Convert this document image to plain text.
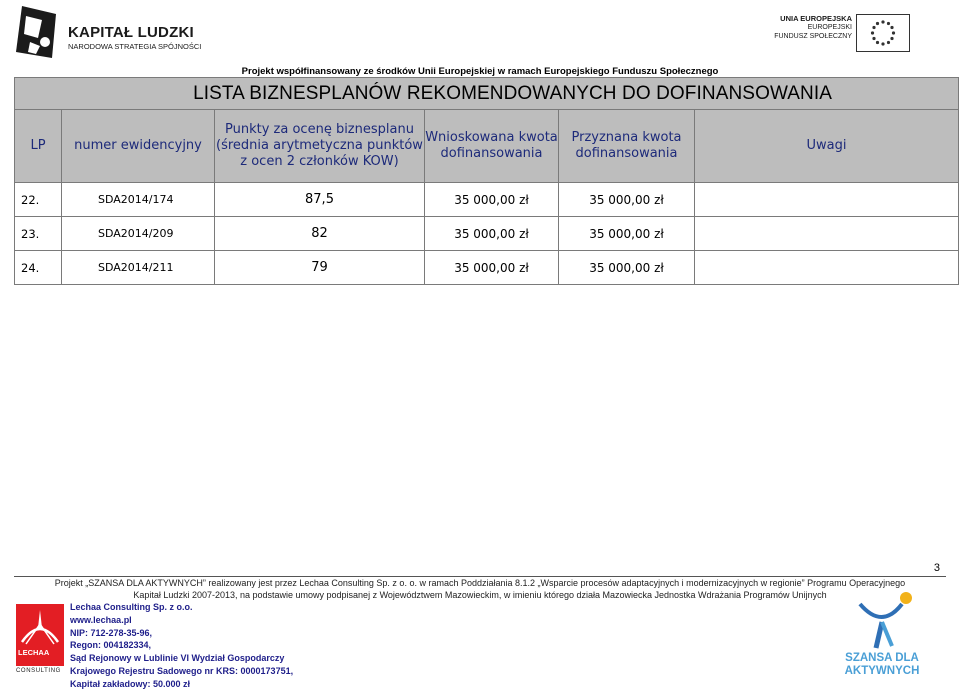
KAPITAŁ LUDZKI
NARODOWA STRATEGIA SPÓJNOŚCI
UNIA EUROPEJSKA
EUROPEJSKI
FUNDUSZ SPOŁECZNY
Projekt współfinansowany ze środków Unii Europejskiej w ramach Europejskiego Funduszu Społecznego
LISTA BIZNESPLANÓW REKOMENDOWANYCH DO DOFINANSOWANIA					
LP	numer ewidencyjny	Punkty za ocenę biznesplanu (średnia arytmetyczna punktów z ocen 2 członków KOW)	Wnioskowana kwota dofinansowania	Przyznana kwota dofinansowania	Uwagi
22.	SDA2014/174	87,5	35 000,00 zł	35 000,00 zł	
23.	SDA2014/209	82	35 000,00 zł	35 000,00 zł	
24.	SDA2014/211	79	35 000,00 zł	35 000,00 zł	
3
Projekt „SZANSA DLA AKTYWNYCH” realizowany jest przez Lechaa Consulting Sp. z o. o. w ramach Poddziałania 8.1.2 „Wsparcie procesów adaptacyjnych i modernizacyjnych w regionie” Programu Operacyjnego
Kapitał Ludzki 2007-2013, na podstawie umowy podpisanej z Województwem Mazowieckim, w imieniu którego działa Mazowiecka Jednostka Wdrażania Programów Unijnych
LECHAA
CONSULTING
Lechaa Consulting Sp. z o.o.
www.lechaa.pl
NIP: 712-278-35-96,
Regon: 004182334,
Sąd Rejonowy w Lublinie VI Wydział Gospodarczy
Krajowego Rejestru Sadowego nr KRS: 0000173751,
Kapitał zakładowy: 50.000 zł
SZANSA DLA
AKTYWNYCH
